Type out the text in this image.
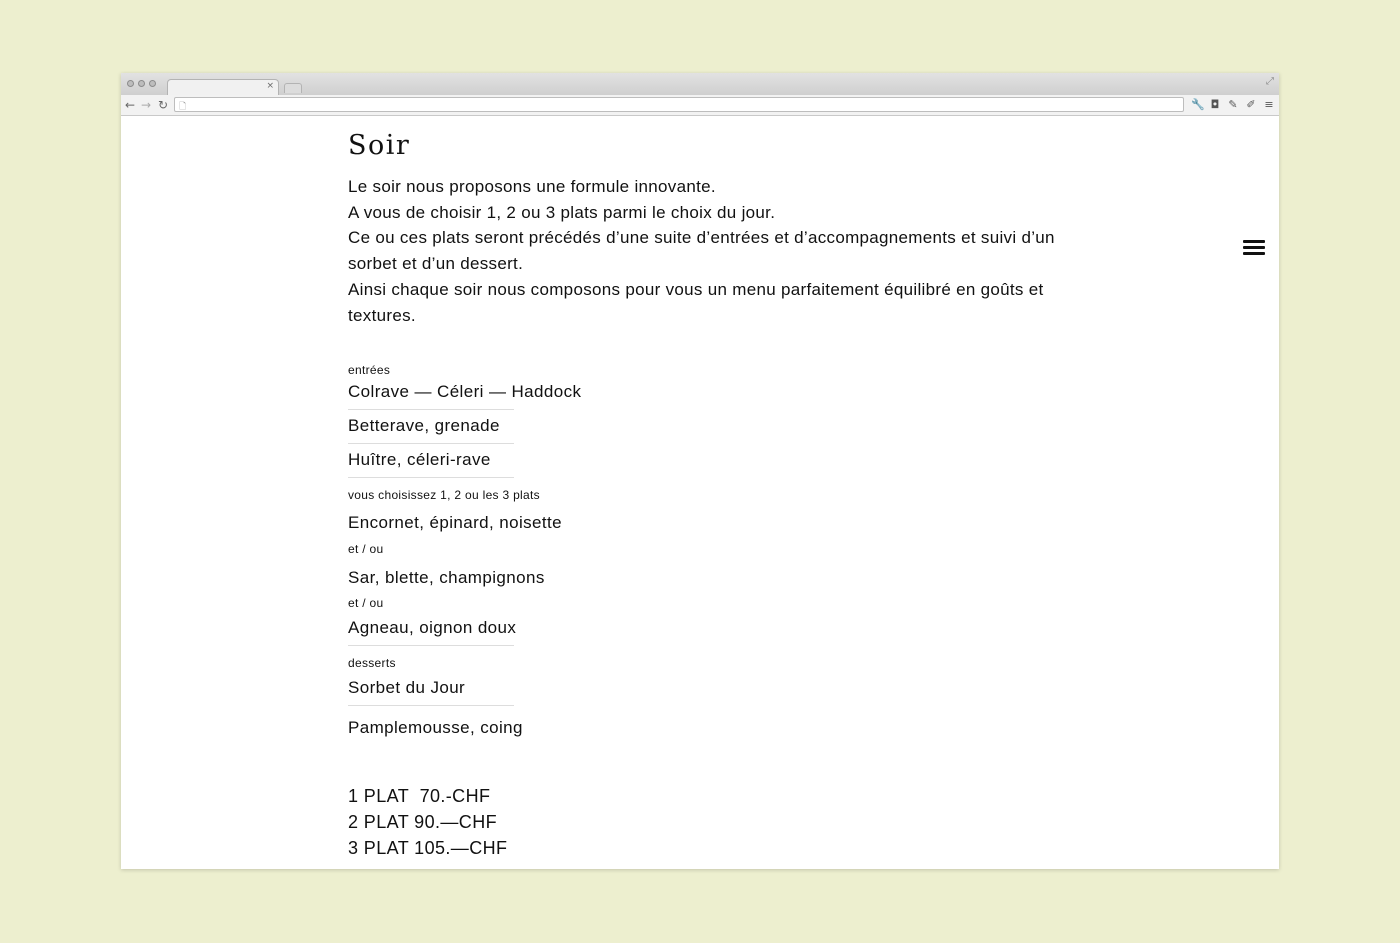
×	⤢
← → ↻ 🗋	🔧 ◘ ✎ ✐ ≡
Soir

Le soir nous proposons une formule innovante.

A vous de choisir 1, 2 ou 3 plats parmi le choix du jour.

Ce ou ces plats seront précédés d’une suite d’entrées et d’accompagnements et suivi d’un sorbet et d’un dessert.

Ainsi chaque soir nous composons pour vous un menu parfaitement équilibré en goûts et textures.

entrées
Colrave — Céleri — Haddock
Betterave, grenade
Huître, céleri-rave
vous choisissez 1, 2 ou les 3 plats
Encornet, épinard, noisette
et / ou
Sar, blette, champignons
et / ou
Agneau, oignon doux
desserts
Sorbet du Jour
Pamplemousse, coing
1 PLAT  70.-CHF
2 PLAT 90.—CHF
3 PLAT 105.—CHF
